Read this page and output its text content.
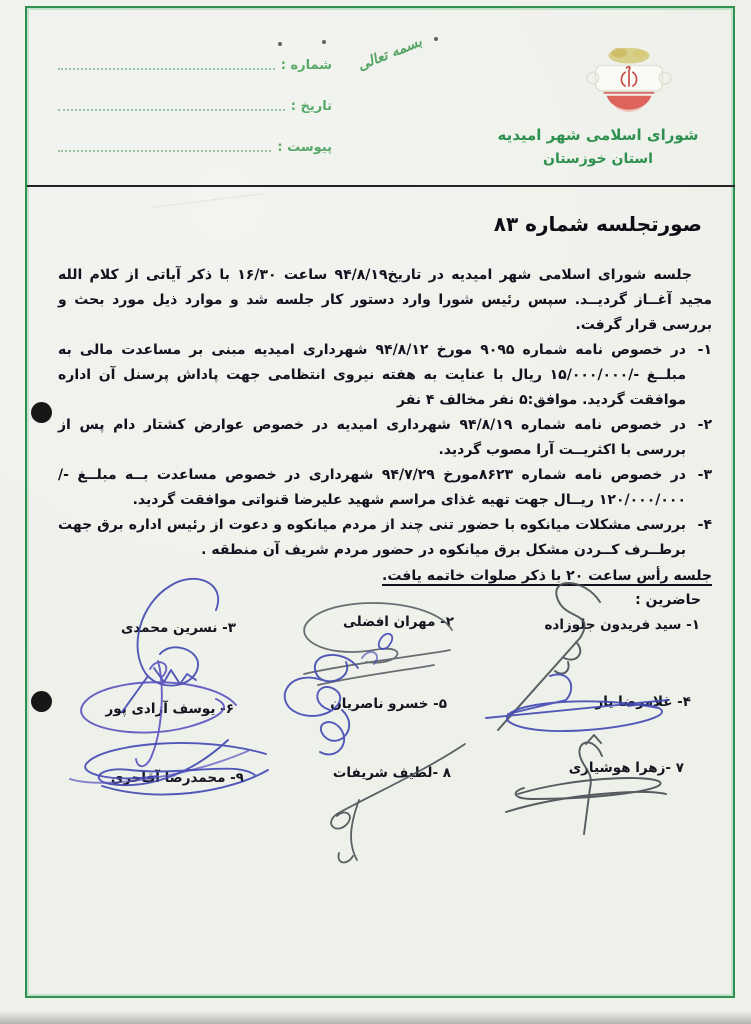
بسمه تعالی
شماره :
تاریخ :
پیوست :
شورای اسلامی شهر امیدیه
استان خوزستان
صورتجلسه شماره ۸۳

جلسه شورای اسلامی شهر امیدیه در تاریخ۹۴/۸/۱۹ ساعت ۱۶/۳۰ با ذکر آیاتی از کلام الله مجید آغــاز گردیــد. سپس رئیس شورا وارد دستور کار جلسه شد و موارد ذیل مورد بحث و بررسی قرار گرفت.

۱-
در خصوص نامه شماره ۹۰۹۵ مورخ ۹۴/۸/۱۲ شهرداری امیدیه مبنی بر مساعدت مالی به مبلــغ -/۱۵/۰۰۰/۰۰۰ ریال با عنایت به هفته نیروی انتظامی جهت پاداش پرسنل آن اداره موافقت گردید. موافق:۵ نفر مخالف ۴ نفر
۲-
در خصوص نامه شماره ۹۴/۸/۱۹ شهرداری امیدیه در خصوص عوارض کشتار دام پس از بررسی با اکثریــت آرا مصوب گردید.
۳-
در خصوص نامه شماره ۸۶۲۳مورخ ۹۴/۷/۲۹ شهرداری در خصوص مساعدت بــه مبلــغ -/۱۲۰/۰۰۰/۰۰۰ ریــال جهت تهیه غذای مراسم شهید علیرضا قنواتی موافقت گردید.
۴-
بررسی مشکلات میانکوه با حضور تنی چند از مردم میانکوه و دعوت از رئیس اداره برق جهت برطــرف کــردن مشکل برق میانکوه در حضور مردم شریف آن منطقه .

جلسه رأس ساعت ۲۰ با ذکر صلوات خاتمه یافت.

حاضرین :
۱- سید فریدون جلوزاده
۲- مهران افضلی
۳- نسرین محمدی
۴- غلامرضا یار
۵- خسرو ناصریان
۶- یوسف آزادی پور
۷ -زهرا هوشیاری
۸ -لطیف شریفات
۹- محمدرضا آقاجری
